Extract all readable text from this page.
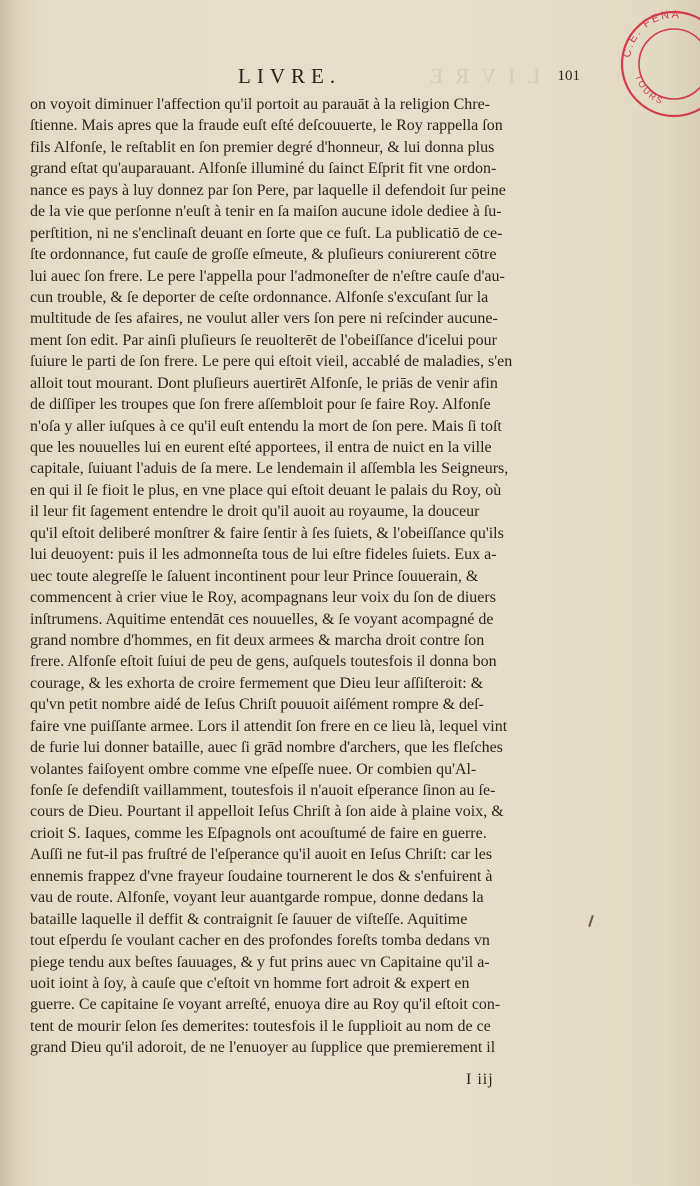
LIVRE
LIVRE.	101
on voyoit diminuer l'affection qu'il portoit au parauāt à la religion Chre-
ſtienne. Mais apres que la fraude euſt eſté deſcouuerte, le Roy rappella ſon
fils Alfonſe, le reſtablit en ſon premier degré d'honneur, & lui donna plus
grand eſtat qu'auparauant. Alfonſe illuminé du ſainct Eſprit fit vne ordon-
nance es pays à luy donnez par ſon Pere, par laquelle il defendoit ſur peine
de la vie que perſonne n'euſt à tenir en ſa maiſon aucune idole dediee à ſu-
perſtition, ni ne s'enclinaſt deuant en ſorte que ce fuſt. La publicatiō de ce-
ſte ordonnance, fut cauſe de groſſe eſmeute, & pluſieurs coniurerent cōtre
lui auec ſon frere. Le pere l'appella pour l'admoneſter de n'eſtre cauſe d'au-
cun trouble, & ſe deporter de ceſte ordonnance. Alfonſe s'excuſant ſur la
multitude de ſes afaires, ne voulut aller vers ſon pere ni reſcinder aucune-
ment ſon edit. Par ainſi pluſieurs ſe reuolterēt de l'obeiſſance d'icelui pour
ſuiure le parti de ſon frere. Le pere qui eſtoit vieil, accablé de maladies, s'en
alloit tout mourant. Dont pluſieurs auertirēt Alfonſe, le priās de venir afin
de diſſiper les troupes que ſon frere aſſembloit pour ſe faire Roy. Alfonſe
n'oſa y aller iuſques à ce qu'il euſt entendu la mort de ſon pere. Mais ſi toſt
que les nouuelles lui en eurent eſté apportees, il entra de nuict en la ville
capitale, ſuiuant l'aduis de ſa mere. Le lendemain il aſſembla les Seigneurs,
en qui il ſe fioit le plus, en vne place qui eſtoit deuant le palais du Roy, où
il leur fit ſagement entendre le droit qu'il auoit au royaume, la douceur
qu'il eſtoit deliberé monſtrer & faire ſentir à ſes ſuiets, & l'obeiſſance qu'ils
lui deuoyent: puis il les admonneſta tous de lui eſtre fideles ſuiets. Eux a-
uec toute alegreſſe le ſaluent incontinent pour leur Prince ſouuerain, &
commencent à crier viue le Roy, acompagnans leur voix du ſon de diuers
inſtrumens. Aquitime entendāt ces nouuelles, & ſe voyant acompagné de
grand nombre d'hommes, en fit deux armees & marcha droit contre ſon
frere. Alfonſe eſtoit ſuiui de peu de gens, auſquels toutesfois il donna bon
courage, & les exhorta de croire fermement que Dieu leur aſſiſteroit: &
qu'vn petit nombre aidé de Ieſus Chriſt pouuoit aiſément rompre & deſ-
faire vne puiſſante armee. Lors il attendit ſon frere en ce lieu là, lequel vint
de furie lui donner bataille, auec ſi grād nombre d'archers, que les fleſches
volantes faiſoyent ombre comme vne eſpeſſe nuee. Or combien qu'Al-
fonſe ſe defendiſt vaillamment, toutesfois il n'auoit eſperance ſinon au ſe-
cours de Dieu. Pourtant il appelloit Ieſus Chriſt à ſon aide à plaine voix, &
crioit S. Iaques, comme les Eſpagnols ont acouſtumé de faire en guerre.
Auſſi ne fut-il pas fruſtré de l'eſperance qu'il auoit en Ieſus Chriſt: car les
ennemis frappez d'vne frayeur ſoudaine tournerent le dos & s'enfuirent à
vau de route. Alfonſe, voyant leur auantgarde rompue, donne dedans la
bataille laquelle il deffit & contraignit ſe ſauuer de viſteſſe. Aquitime
tout eſperdu ſe voulant cacher en des profondes foreſts tomba dedans vn
piege tendu aux beſtes ſauuages, & y fut prins auec vn Capitaine qu'il a-
uoit ioint à ſoy, à cauſe que c'eſtoit vn homme fort adroit & expert en
guerre. Ce capitaine ſe voyant arreſté, enuoya dire au Roy qu'il eſtoit con-
tent de mourir ſelon ſes demerites: toutesfois il le ſupplioit au nom de ce
grand Dieu qu'il adoroit, de ne l'enuoyer au ſupplice que premierement il
I iij
C.E. FENA
TOURS
